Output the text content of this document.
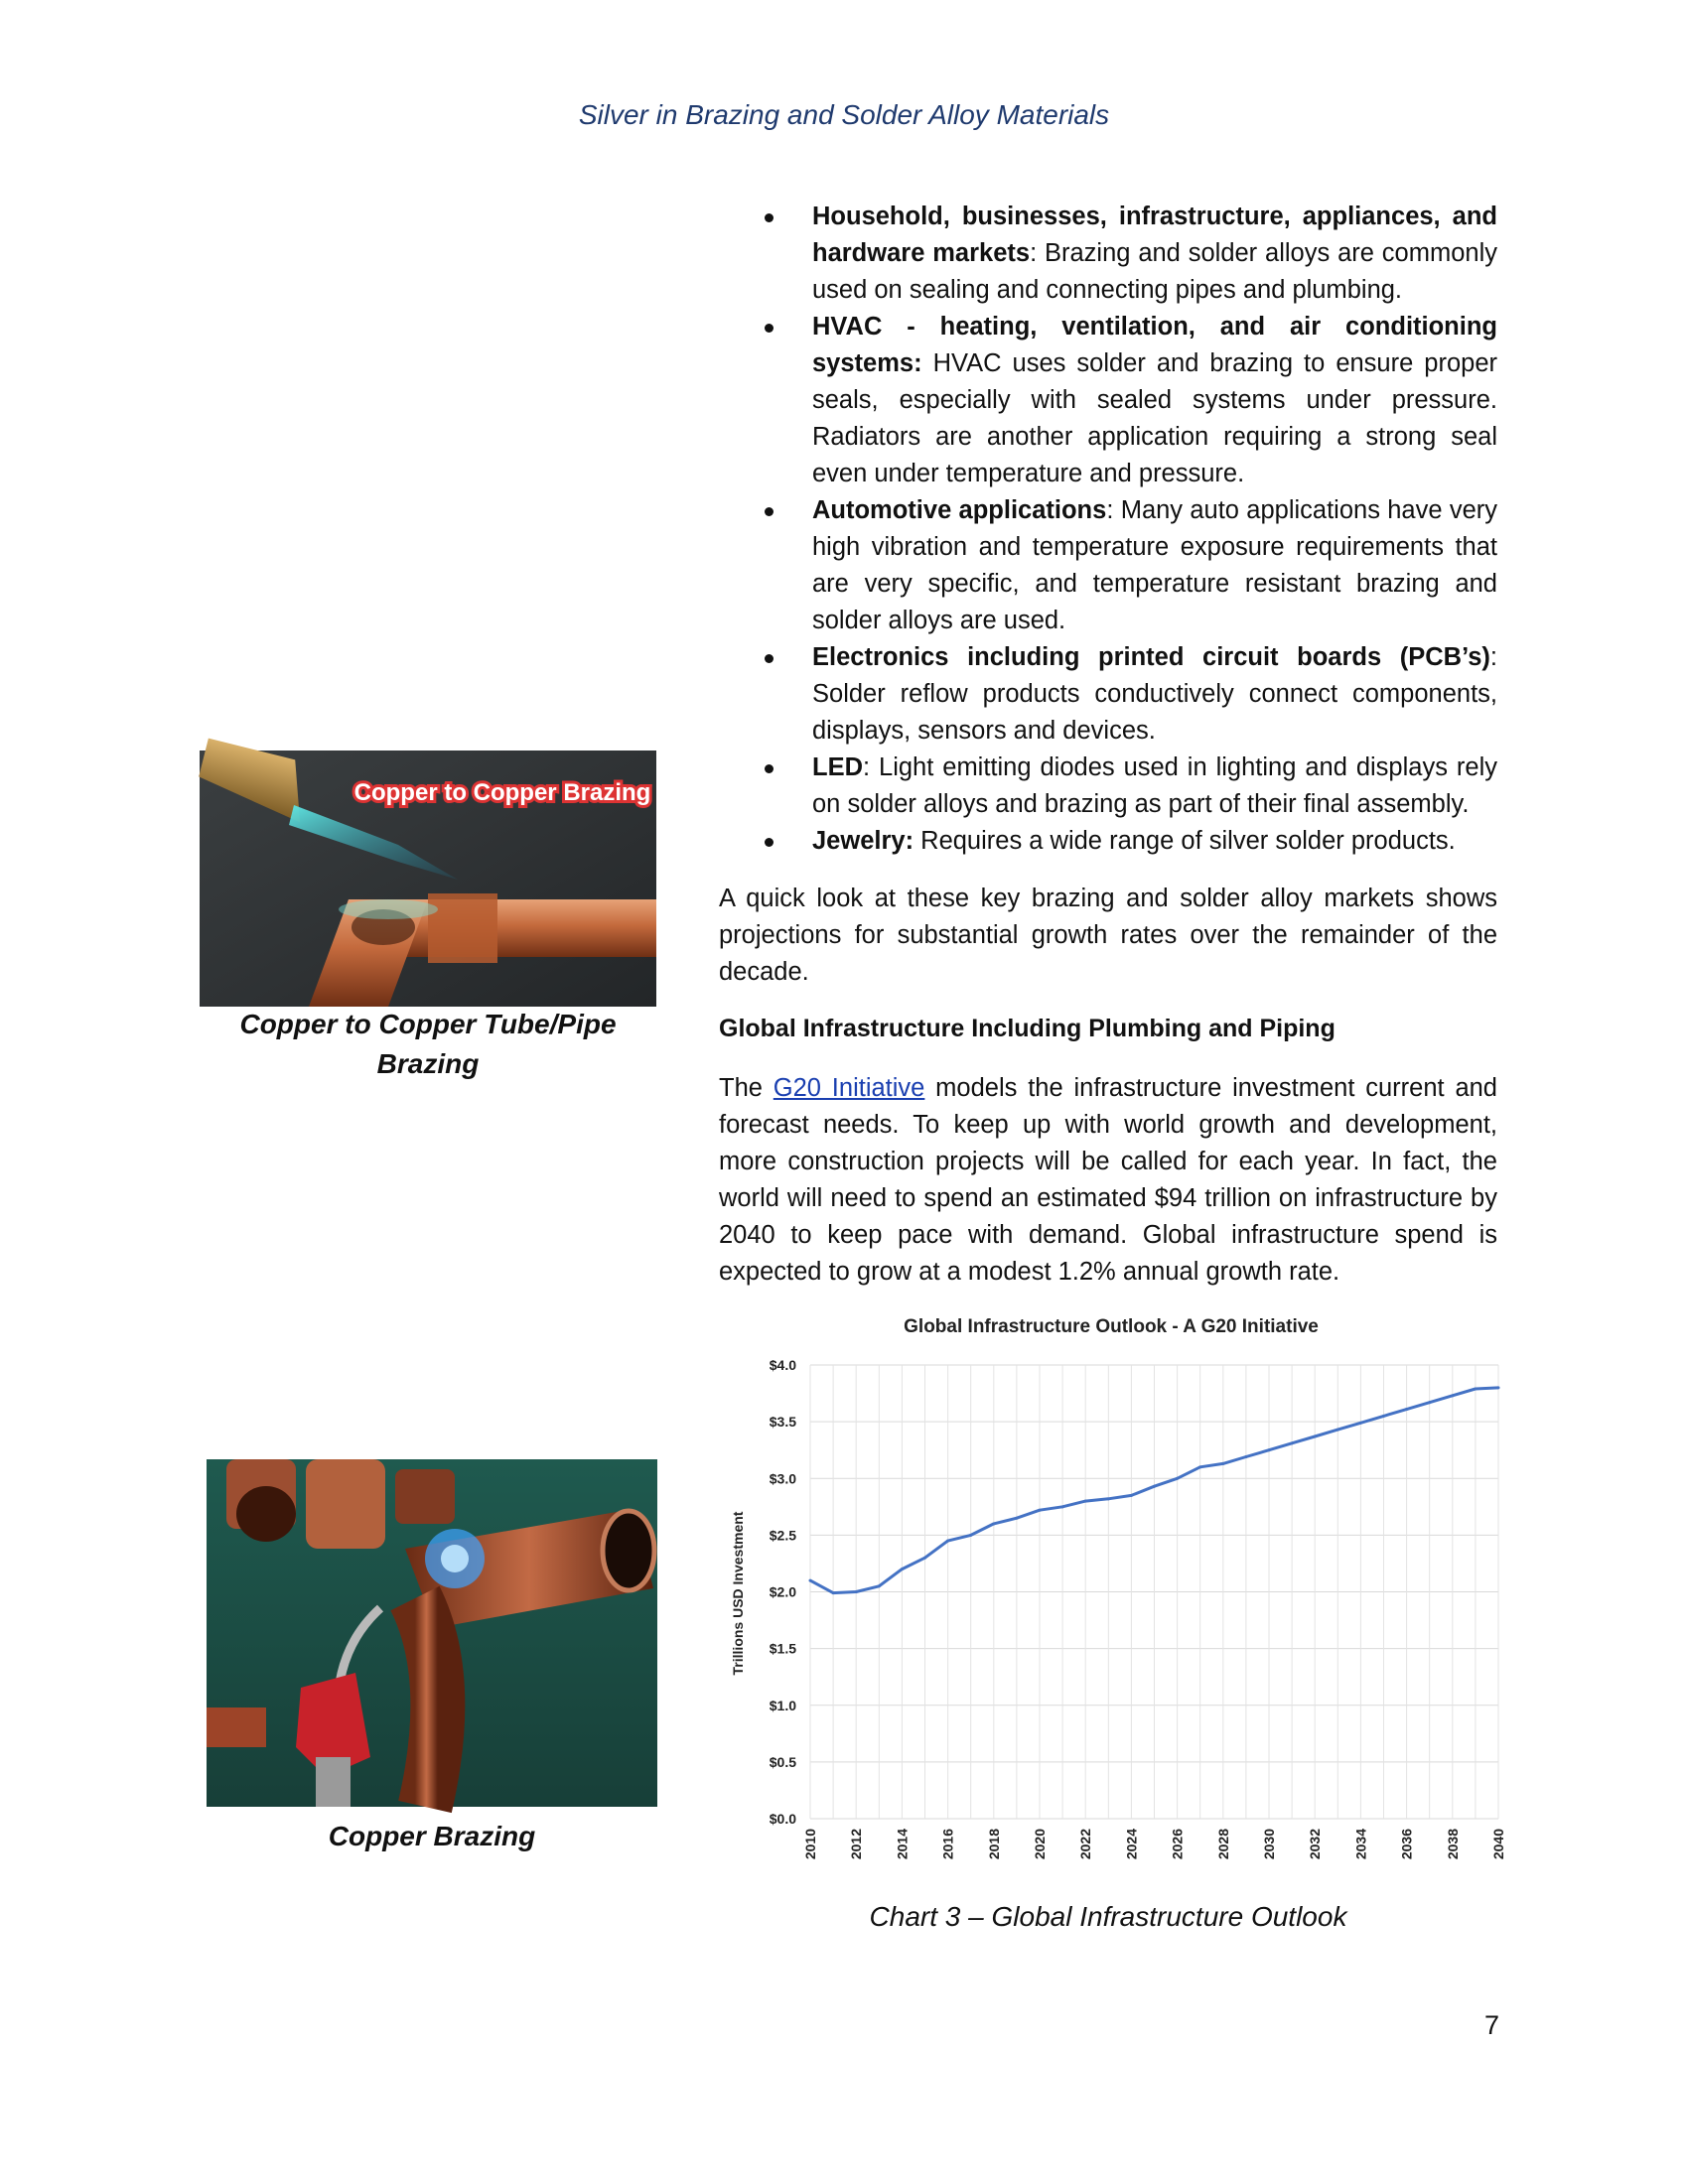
Silver in Brazing and Solder Alloy Materials
Household, businesses, infrastructure, appliances, and hardware markets: Brazing and solder alloys are commonly used on sealing and connecting pipes and plumbing.
HVAC - heating, ventilation, and air conditioning systems: HVAC uses solder and brazing to ensure proper seals, especially with sealed systems under pressure. Radiators are another application requiring a strong seal even under temperature and pressure.
Automotive applications: Many auto applications have very high vibration and temperature exposure requirements that are very specific, and temperature resistant brazing and solder alloys are used.
Electronics including printed circuit boards (PCB’s): Solder reflow products conductively connect components, displays, sensors and devices.
LED: Light emitting diodes used in lighting and displays rely on solder alloys and brazing as part of their final assembly.
Jewelry: Requires a wide range of silver solder products.

A quick look at these key brazing and solder alloy markets shows projections for substantial growth rates over the remainder of the decade.

Global Infrastructure Including Plumbing and Piping

The G20 Initiative models the infrastructure investment current and forecast needs. To keep up with world growth and development, more construction projects will be called for each year. In fact, the world will need to spend an estimated $94 trillion on infrastructure by 2040 to keep pace with demand. Global infrastructure spend is expected to grow at a modest 1.2% annual growth rate.

Copper to Copper Brazing
Copper to Copper Tube/Pipe
Brazing
Copper Brazing
Global Infrastructure Outlook - A G20 Initiative
$0.0
$0.5
$1.0
$1.5
$2.0
$2.5
$3.0
$3.5
$4.0
2010 2012 2014 2016 2018 2020 2022 2024 2026 2028 2030 2032 2034 2036 2038 2040
Trillions USD Investment
Chart 3 – Global Infrastructure Outlook
7
